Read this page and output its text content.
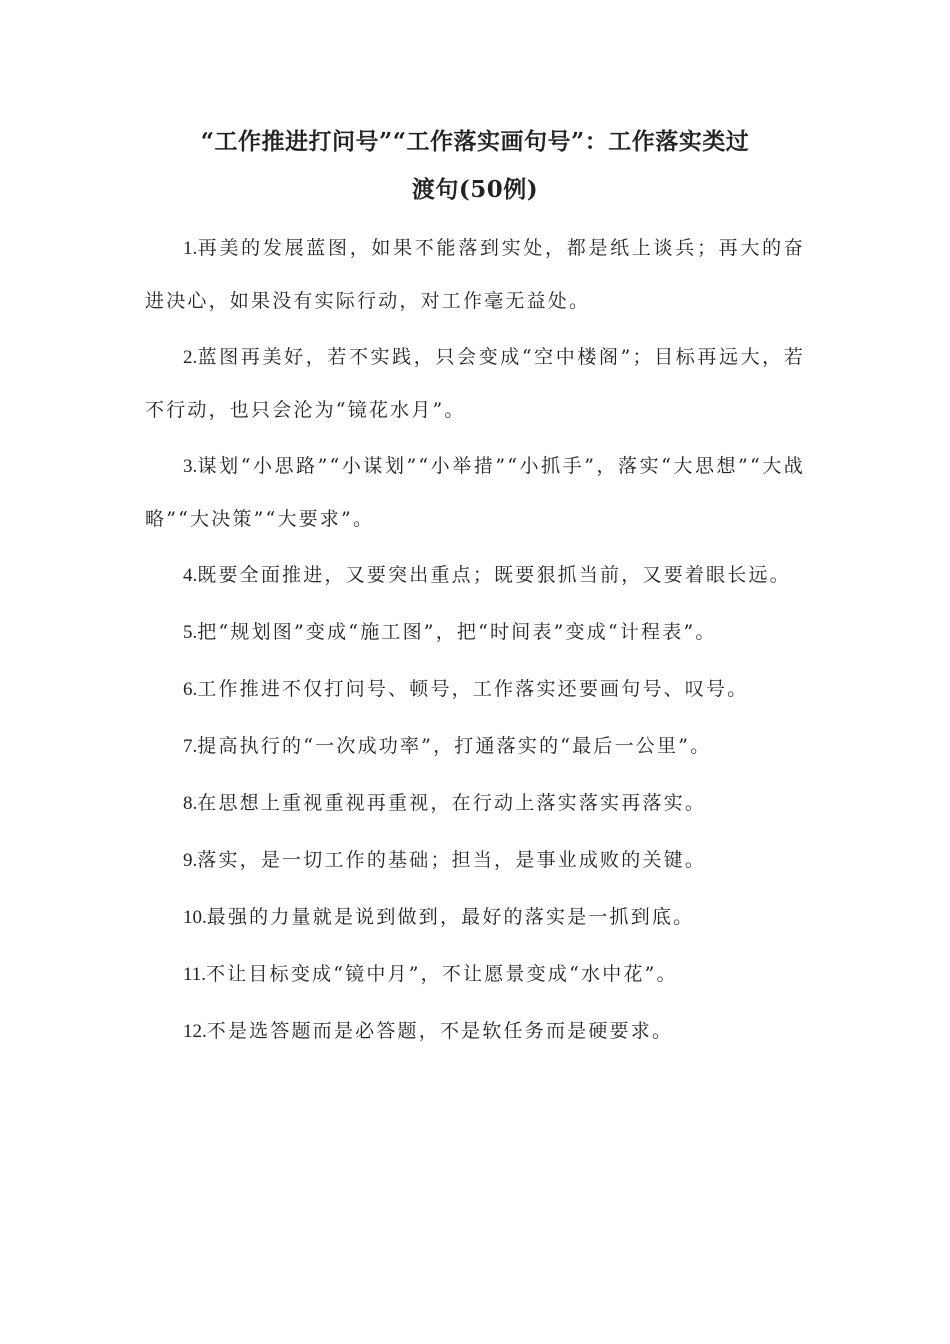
“工作推进打问号”“工作落实画句号”：工作落实类过
渡句(50例)

1.再美的发展蓝图，如果不能落到实处，都是纸上谈兵；再大的奋进决心，如果没有实际行动，对工作毫无益处。

2.蓝图再美好，若不实践，只会变成“空中楼阁”；目标再远大，若不行动，也只会沦为“镜花水月”。

3.谋划“小思路”“小谋划”“小举措”“小抓手”，落实“大思想”“大战略”“大决策”“大要求”。

4.既要全面推进，又要突出重点；既要狠抓当前，又要着眼长远。

5.把“规划图”变成“施工图”，把“时间表”变成“计程表”。

6.工作推进不仅打问号、顿号，工作落实还要画句号、叹号。

7.提高执行的“一次成功率”，打通落实的“最后一公里”。

8.在思想上重视重视再重视，在行动上落实落实再落实。

9.落实，是一切工作的基础；担当，是事业成败的关键。

10.最强的力量就是说到做到，最好的落实是一抓到底。

11.不让目标变成“镜中月”，不让愿景变成“水中花”。

12.不是选答题而是必答题，不是软任务而是硬要求。
